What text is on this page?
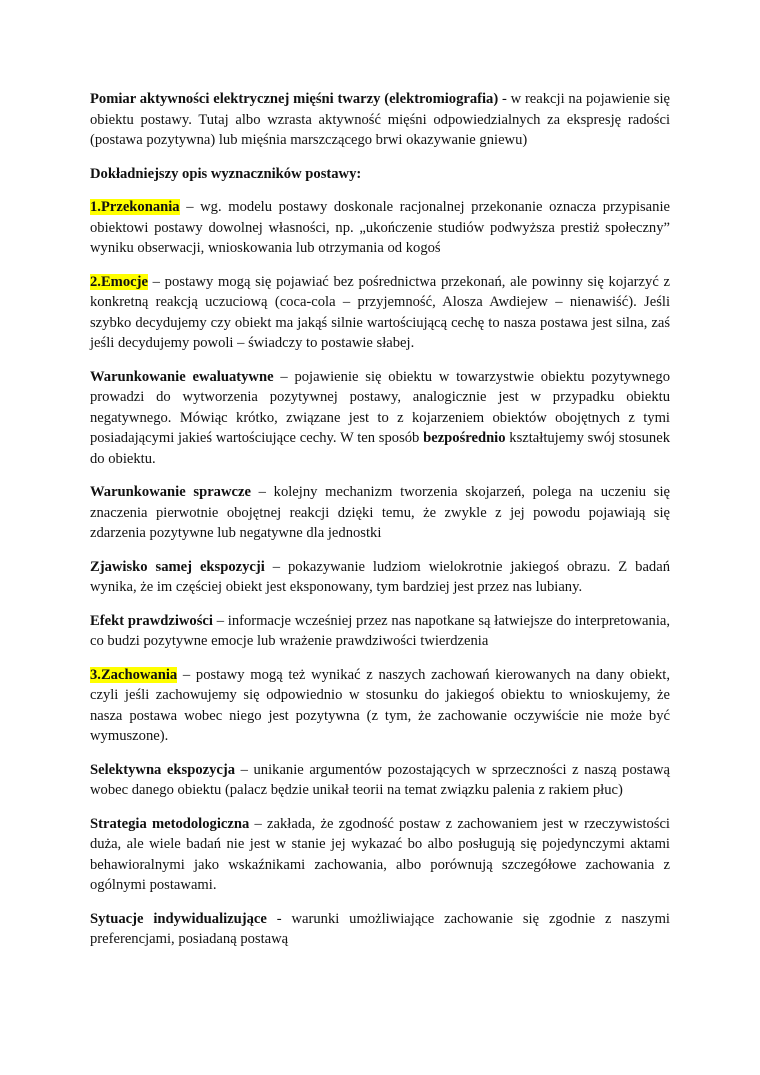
Pomiar aktywności elektrycznej mięśni twarzy (elektromiografia) - w reakcji na pojawienie się obiektu postawy. Tutaj albo wzrasta aktywność mięśni odpowiedzialnych za ekspresję radości (postawa pozytywna) lub mięśnia marszczącego brwi okazywanie gniewu)

Dokładniejszy opis wyznaczników postawy:

1.Przekonania – wg. modelu postawy doskonale racjonalnej przekonanie oznacza przypisanie obiektowi postawy dowolnej własności, np. „ukończenie studiów podwyższa prestiż społeczny” wyniku obserwacji, wnioskowania lub otrzymania od kogoś

2.Emocje – postawy mogą się pojawiać bez pośrednictwa przekonań, ale powinny się kojarzyć z konkretną reakcją uczuciową (coca-cola – przyjemność, Alosza Awdiejew – nienawiść). Jeśli szybko decydujemy czy obiekt ma jakąś silnie wartościującą cechę to nasza postawa jest silna, zaś jeśli decydujemy powoli – świadczy to postawie słabej.

Warunkowanie ewaluatywne – pojawienie się obiektu w towarzystwie obiektu pozytywnego prowadzi do wytworzenia pozytywnej postawy, analogicznie jest w przypadku obiektu negatywnego. Mówiąc krótko, związane jest to z kojarzeniem obiektów obojętnych z tymi posiadającymi jakieś wartościujące cechy. W ten sposób bezpośrednio kształtujemy swój stosunek do obiektu.

Warunkowanie sprawcze – kolejny mechanizm tworzenia skojarzeń, polega na uczeniu się znaczenia pierwotnie obojętnej reakcji dzięki temu, że zwykle z jej powodu pojawiają się zdarzenia pozytywne lub negatywne dla jednostki

Zjawisko samej ekspozycji – pokazywanie ludziom wielokrotnie jakiegoś obrazu. Z badań wynika, że im częściej obiekt jest eksponowany, tym bardziej jest przez nas lubiany.

Efekt prawdziwości – informacje wcześniej przez nas napotkane są łatwiejsze do interpretowania, co budzi pozytywne emocje lub wrażenie prawdziwości twierdzenia

3.Zachowania – postawy mogą też wynikać z naszych zachowań kierowanych na dany obiekt, czyli jeśli zachowujemy się odpowiednio w stosunku do jakiegoś obiektu to wnioskujemy, że nasza postawa wobec niego jest pozytywna (z tym, że zachowanie oczywiście nie może być wymuszone).

Selektywna ekspozycja – unikanie argumentów pozostających w sprzeczności z naszą postawą wobec danego obiektu (palacz będzie unikał teorii na temat związku palenia z rakiem płuc)

Strategia metodologiczna – zakłada, że zgodność postaw z zachowaniem jest w rzeczywistości duża, ale wiele badań nie jest w stanie jej wykazać bo albo posługują się pojedynczymi aktami behawioralnymi jako wskaźnikami zachowania, albo porównują szczegółowe zachowania z ogólnymi postawami.

Sytuacje indywidualizujące - warunki umożliwiające zachowanie się zgodnie z naszymi preferencjami, posiadaną postawą
